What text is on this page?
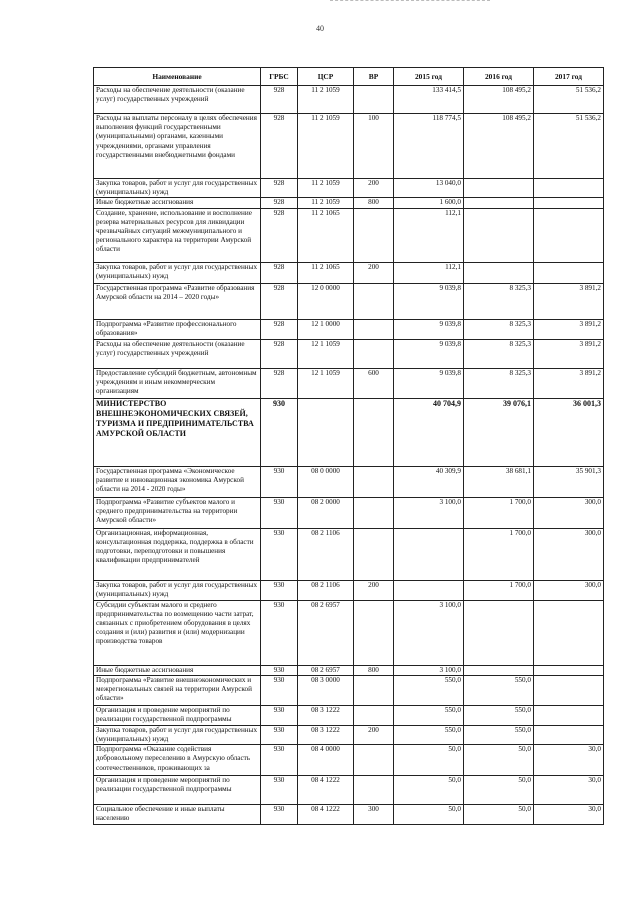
40
Наименование	ГРБС	ЦСР	ВР	2015 год	2016 год	2017 год
Расходы на обеспечение деятельности (оказание услуг) государственных учреждений	928	11 2 1059		133 414,5	108 495,2	51 536,2
Расходы на выплаты персоналу в целях обеспечения выполнения функций государственными (муниципальными) органами, казенными учреждениями, органами управления государственными внебюджетными фондами	928	11 2 1059	100	118 774,5	108 495,2	51 536,2
Закупка товаров, работ и услуг для государственных (муниципальных) нужд	928	11 2 1059	200	13 040,0		
Иные бюджетные ассигнования	928	11 2 1059	800	1 600,0		
Создание, хранение, использование и восполнение резерва материальных ресурсов для ликвидации чрезвычайных ситуаций межмуниципального и регионального характера на территории Амурской области	928	11 2 1065		112,1		
Закупка товаров, работ и услуг для государственных (муниципальных) нужд	928	11 2 1065	200	112,1		
Государственная программа «Развитие образования Амурской области на 2014 – 2020 годы»	928	12 0 0000		9 039,8	8 325,3	3 891,2
Подпрограмма «Развитие профессионального образования»	928	12 1 0000		9 039,8	8 325,3	3 891,2
Расходы на обеспечение деятельности (оказание услуг) государственных учреждений	928	12 1 1059		9 039,8	8 325,3	3 891,2
Предоставление субсидий бюджетным, автономным учреждениям и иным некоммерческим организациям	928	12 1 1059	600	9 039,8	8 325,3	3 891,2
МИНИСТЕРСТВО ВНЕШНЕЭКОНОМИЧЕСКИХ СВЯЗЕЙ, ТУРИЗМА И ПРЕДПРИНИМАТЕЛЬСТВА АМУРСКОЙ ОБЛАСТИ	930			40 704,9	39 076,1	36 001,3
Государственная программа «Экономическое развитие и инновационная экономика Амурской области на 2014 - 2020 годы»	930	08 0 0000		40 309,9	38 681,1	35 901,3
Подпрограмма «Развитие субъектов малого и среднего предпринимательства на территории Амурской области»	930	08 2 0000		3 100,0	1 700,0	300,0
Организационная, информационная, консультационная поддержка, поддержка в области подготовки, переподготовки и повышения квалификации предпринимателей	930	08 2 1106			1 700,0	300,0
Закупка товаров, работ и услуг для государственных (муниципальных) нужд	930	08 2 1106	200		1 700,0	300,0
Субсидии субъектам малого и среднего предпринимательства по возмещению части затрат, связанных с приобретением оборудования в целях создания и (или) развития и (или) модернизации производства товаров	930	08 2 6957		3 100,0		
Иные бюджетные ассигнования	930	08 2 6957	800	3 100,0		
Подпрограмма «Развитие внешнеэкономических и межрегиональных связей на территории Амурской области»	930	08 3 0000		550,0	550,0	
Организация и проведение мероприятий по реализации государственной подпрограммы	930	08 3 1222		550,0	550,0	
Закупка товаров, работ и услуг для государственных (муниципальных) нужд	930	08 3 1222	200	550,0	550,0	
Подпрограмма «Оказание содействия добровольному переселению в Амурскую область соотечественников, проживающих за	930	08 4 0000		50,0	50,0	30,0
Организация и проведение мероприятий по реализации государственной подпрограммы	930	08 4 1222		50,0	50,0	30,0
Социальное обеспечение и иные выплаты населению	930	08 4 1222	300	50,0	50,0	30,0
